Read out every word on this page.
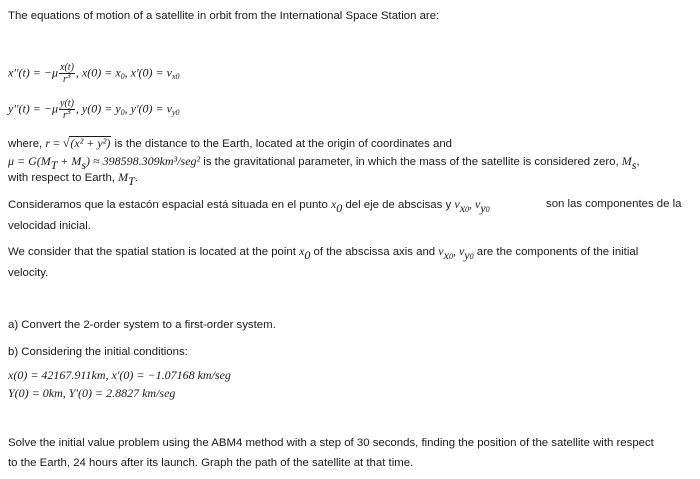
The equations of motion of a satellite in orbit from the International Space Station are:
$x''(t) = -\mu \frac{x(t)}{r^3}$ , $x(0) = x_0$, $x'(0) = \nu_{x0}$
$y''(t) = -\mu \frac{y(t)}{r^3}$ , $y(0) = y_0$, $y'(0) = \nu_{y0}$
where, r = √(x² + y²) is the distance to the Earth, located at the origin of coordinates and
$\mu = G(M_T + M_s) \approx 398598.309km^3/seg^2$ is the gravitational parameter, in which the mass of the satellite is considered zero, $M_s$,
with respect to Earth, $M_T$.
Consideramos que la estacón espacial está situada en el punto $x_0$ del eje de abscisas y $\nu_{x0}$, $\nu_{y0}$	son las componentes de la
velocidad inicial.
We consider that the spatial station is located at the point $x_0$ of the abscissa axis and $\nu_{x0}$, $\nu_{y0}$ are the components of the initial
velocity.
a) Convert the 2-order system to a first-order system.
b) Considering the initial conditions:
x(0) = 42167.911km, x'(0) = −1.07168 km/seg
Y(0) = 0km, Y'(0) = 2.8827 km/seg
Solve the initial value problem using the ABM4 method with a step of 30 seconds, finding the position of the satellite with respect
to the Earth, 24 hours after its launch. Graph the path of the satellite at that time.
